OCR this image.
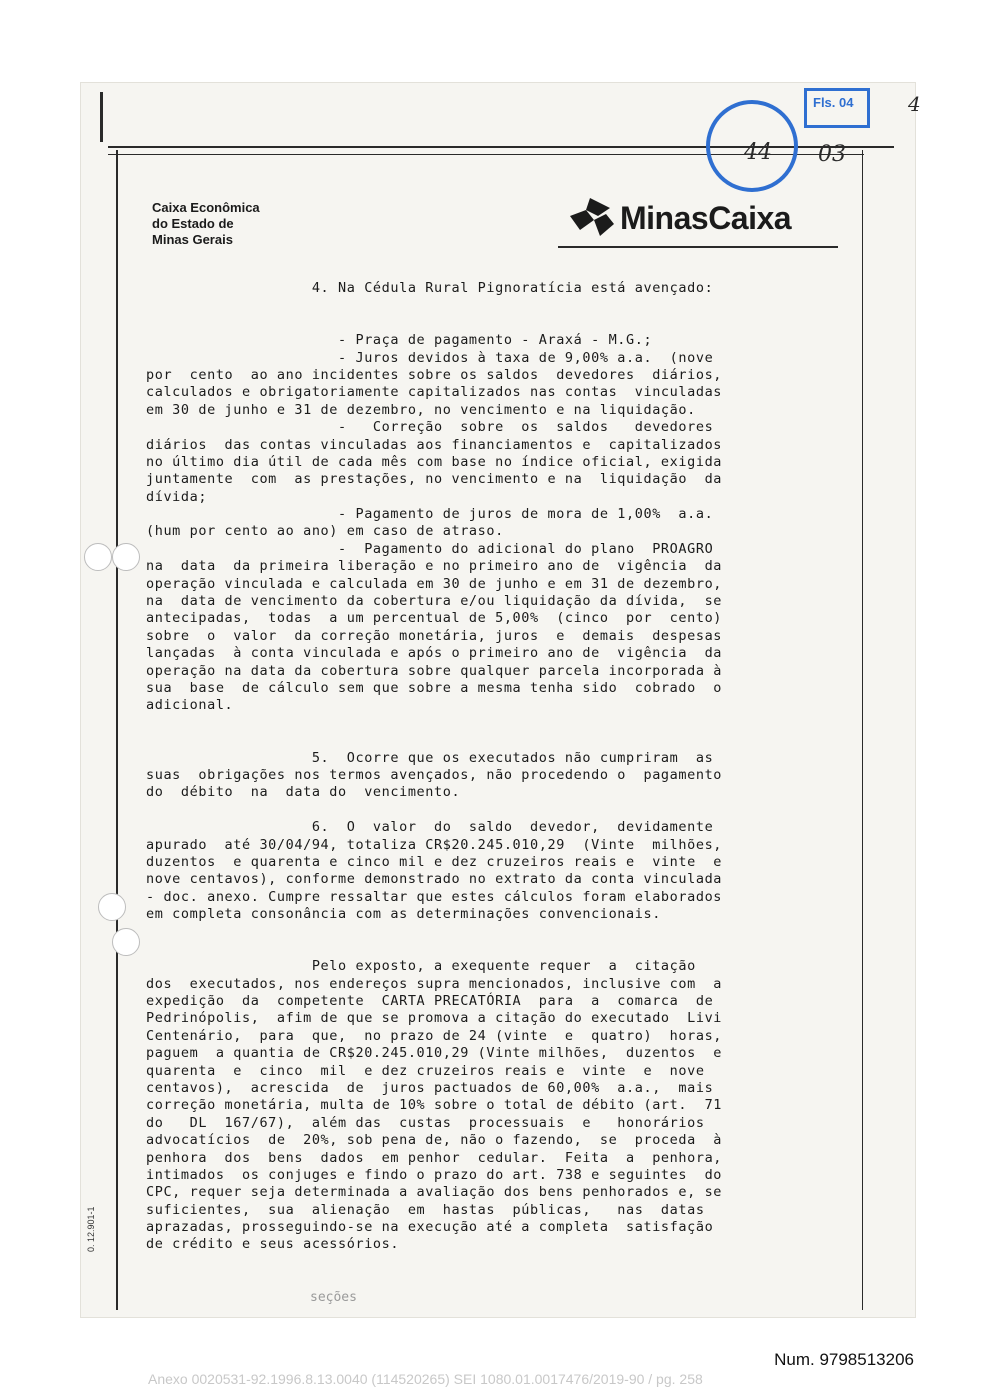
Fls. 04	4
44 03
Caixa Econômica
do Estado de
Minas Gerais
MinasCaixa
4. Na Cédula Rural Pignoratícia está avençado:
- Praça de pagamento - Araxá - M.G.;
- Juros devidos à taxa de 9,00% a.a.  (nove
por  cento  ao ano incidentes sobre os saldos  devedores  diários,
calculados e obrigatoriamente capitalizados nas contas  vinculadas
em 30 de junho e 31 de dezembro, no vencimento e na liquidação.
-   Correção  sobre  os  saldos   devedores
diários  das contas vinculadas aos financiamentos e  capitalizados
no último dia útil de cada mês com base no índice oficial, exigida
juntamente  com  as prestações, no vencimento e na  liquidação  da
dívida;
- Pagamento de juros de mora de 1,00%  a.a.
(hum por cento ao ano) em caso de atraso.
-  Pagamento do adicional do plano  PROAGRO
na  data  da primeira liberação e no primeiro ano de  vigência  da
operação vinculada e calculada em 30 de junho e em 31 de dezembro,
na  data de vencimento da cobertura e/ou liquidação da dívida,  se
antecipadas,  todas  a um percentual de 5,00%  (cinco  por  cento)
sobre  o  valor  da correção monetária, juros  e  demais  despesas
lançadas  à conta vinculada e após o primeiro ano de  vigência  da
operação na data da cobertura sobre qualquer parcela incorporada à
sua  base  de cálculo sem que sobre a mesma tenha sido  cobrado  o
adicional.
5.  Ocorre que os executados não cumpriram  as
suas  obrigações nos termos avençados, não procedendo o  pagamento
do  débito  na  data do  vencimento.
6.  O  valor  do  saldo  devedor,  devidamente
apurado  até 30/04/94, totaliza CR$20.245.010,29  (Vinte  milhões,
duzentos  e quarenta e cinco mil e dez cruzeiros reais e  vinte  e
nove centavos), conforme demonstrado no extrato da conta vinculada
- doc. anexo. Cumpre ressaltar que estes cálculos foram elaborados
em completa consonância com as determinações convencionais.
Pelo exposto, a exequente requer  a  citação
dos  executados, nos endereços supra mencionados, inclusive com  a
expedição  da  competente  CARTA PRECATÓRIA  para  a  comarca  de
Pedrinópolis,  afim de que se promova a citação do executado  Livi
Centenário,  para  que,  no prazo de 24 (vinte  e  quatro)  horas,
paguem  a quantia de CR$20.245.010,29 (Vinte milhões,  duzentos  e
quarenta  e  cinco  mil  e dez cruzeiros reais e  vinte  e  nove
centavos),  acrescida  de  juros pactuados de 60,00%  a.a.,  mais
correção monetária, multa de 10% sobre o total de débito (art.  71
do   DL  167/67),  além das  custas  processuais  e   honorários
advocatícios  de  20%, sob pena de, não o fazendo,  se  proceda  à
penhora  dos  bens  dados  em penhor  cedular.  Feita  a  penhora,
intimados  os conjuges e findo o prazo do art. 738 e seguintes  do
CPC, requer seja determinada a avaliação dos bens penhorados e, se
suficientes,  sua  alienação  em  hastas  públicas,   nas  datas
aprazadas, prosseguindo-se na execução até a completa  satisfação
de crédito e seus acessórios.
seções
0. 12.901-1
Num. 9798513206
Anexo 0020531-92.1996.8.13.0040 (114520265) SEI 1080.01.0017476/2019-90 / pg. 258
